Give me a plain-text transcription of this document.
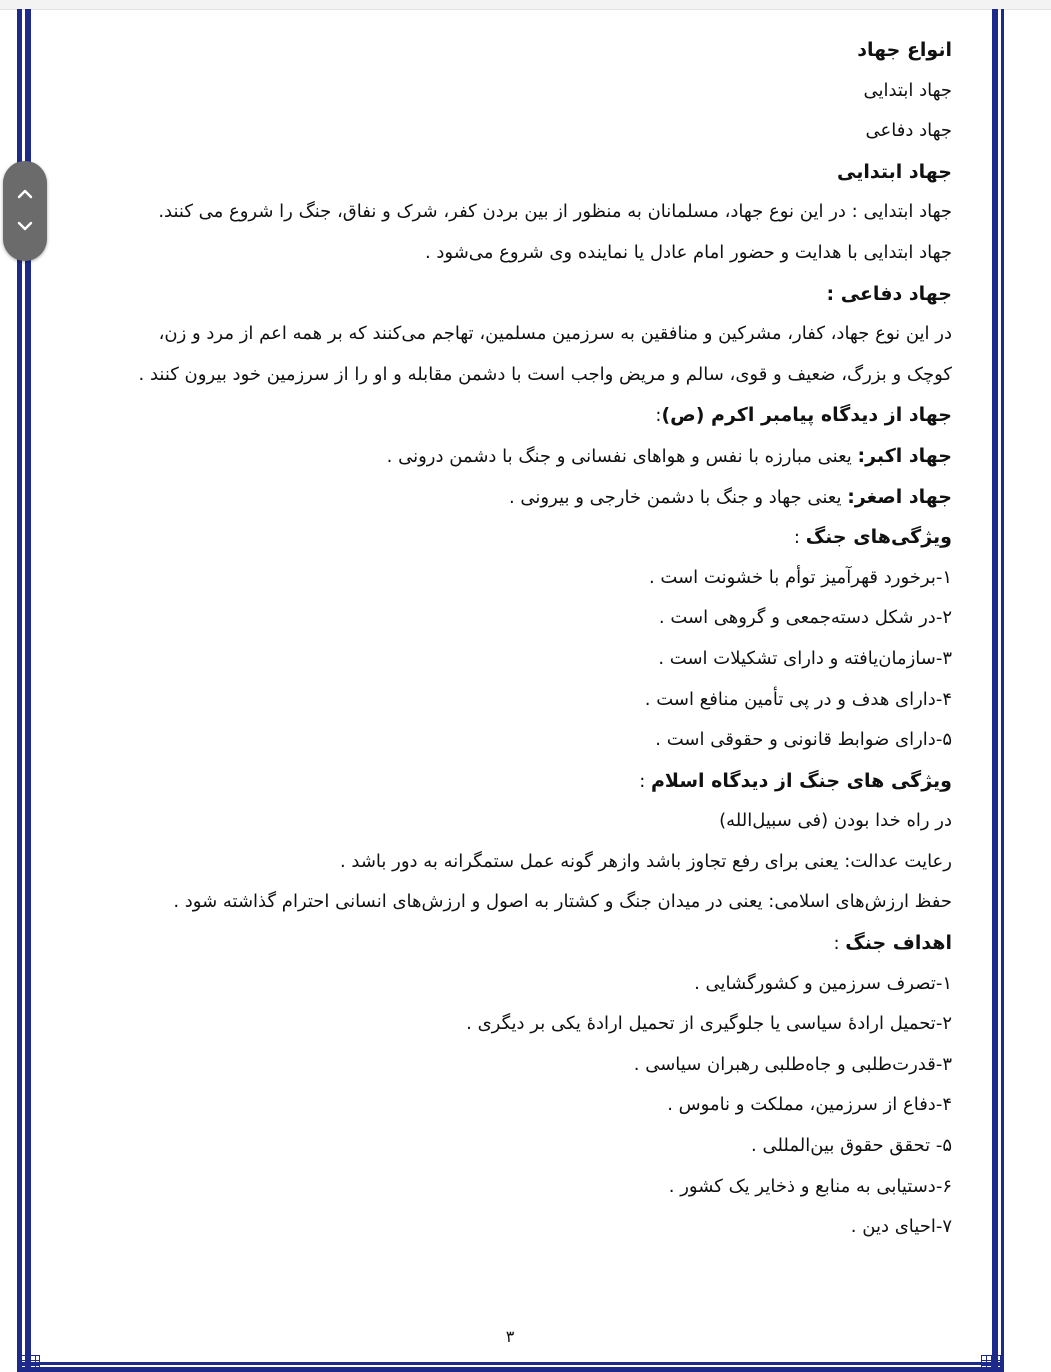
انواع جهاد
جهاد ابتدایی
جهاد دفاعی
جهاد ابتدایی
جهاد ابتدایی : در این نوع جهاد، مسلمانان به منظور از بین بردن کفر، شرک و نفاق، جنگ را شروع می کنند.
جهاد ابتدایی با هدایت و حضور امام عادل یا نماینده وی شروع می‌شود .
جهاد دفاعی :
در این نوع جهاد، کفار، مشرکین و منافقین به سرزمین مسلمین، تهاجم می‌کنند که بر همه اعم از مرد و زن،
کوچک و بزرگ، ضعیف و قوی، سالم و مریض واجب است با دشمن مقابله و او را از سرزمین خود بیرون کنند .
جهاد از دیدگاه پیامبر اکرم (ص):
جهاد اکبر: یعنی مبارزه با نفس و هواهای نفسانی و جنگ با دشمن درونی .
جهاد اصغر: یعنی جهاد و جنگ با دشمن خارجی و بیرونی .
ویژگی‌های جنگ :
۱-برخورد قهرآمیز توأم با خشونت است .
۲-در شکل دسته‌جمعی و گروهی است .
۳-سازمان‌یافته و دارای تشکیلات است .
۴-دارای هدف و در پی تأمین منافع است .
۵-دارای ضوابط قانونی و حقوقی است .
ویژگی های جنگ از دیدگاه اسلام :
در راه خدا بودن (فی سبیل‌الله)
رعایت عدالت: یعنی برای رفع تجاوز باشد وازهر گونه عمل ستمگرانه به دور باشد .
حفظ ارزش‌های اسلامی: یعنی در میدان جنگ و کشتار به اصول و ارزش‌های انسانی احترام گذاشته شود .
اهداف جنگ :
۱-تصرف سرزمین و کشورگشایی .
۲-تحمیل ارادهٔ سیاسی یا جلوگیری از تحمیل ارادهٔ یکی بر دیگری .
۳-قدرت‌طلبی و جاه‌طلبی رهبران سیاسی .
۴-دفاع از سرزمین، مملکت و ناموس .
۵- تحقق حقوق بین‌المللی .
۶-دستیابی به منابع و ذخایر یک کشور .
۷-احیای دین .
۳
